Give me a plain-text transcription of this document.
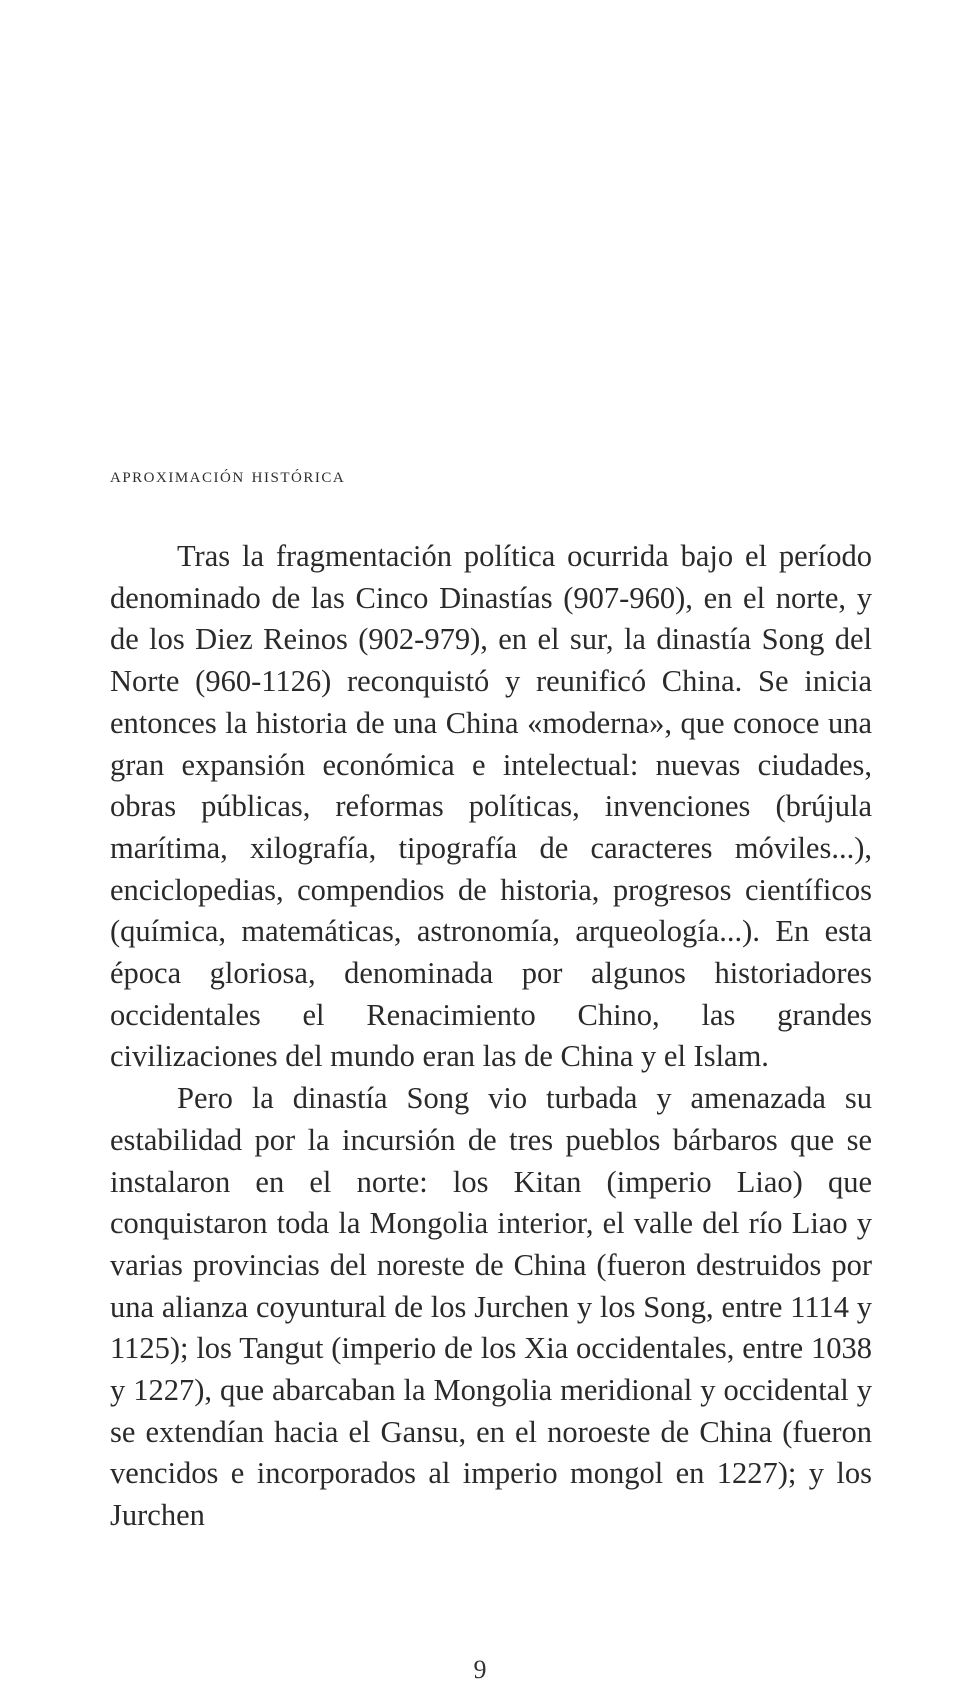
aproximación histórica

Tras la fragmentación política ocurrida bajo el período denominado de las Cinco Dinastías (907-960), en el norte, y de los Diez Reinos (902-979), en el sur, la dinastía Song del Norte (960-1126) reconquistó y reunificó China. Se inicia entonces la historia de una China «moderna», que conoce una gran expansión económica e intelectual: nuevas ciudades, obras públicas, reformas políticas, invenciones (brújula marítima, xilografía, tipografía de caracteres móviles...), enciclopedias, compendios de historia, progresos científicos (química, matemáticas, astronomía, arqueología...). En esta época gloriosa, denominada por algunos historiadores occidentales el Renacimiento Chino, las grandes civilizaciones del mundo eran las de China y el Islam.

Pero la dinastía Song vio turbada y amenazada su estabilidad por la incursión de tres pueblos bárbaros que se instalaron en el norte: los Kitan (imperio Liao) que conquistaron toda la Mongolia interior, el valle del río Liao y varias provincias del noreste de China (fueron destruidos por una alianza coyuntural de los Jurchen y los Song, entre 1114 y 1125); los Tangut (imperio de los Xia occidentales, entre 1038 y 1227), que abarcaban la Mongolia meridional y occidental y se extendían hacia el Gansu, en el noroeste de China (fueron vencidos e incorporados al imperio mongol en 1227); y los Jurchen

9
